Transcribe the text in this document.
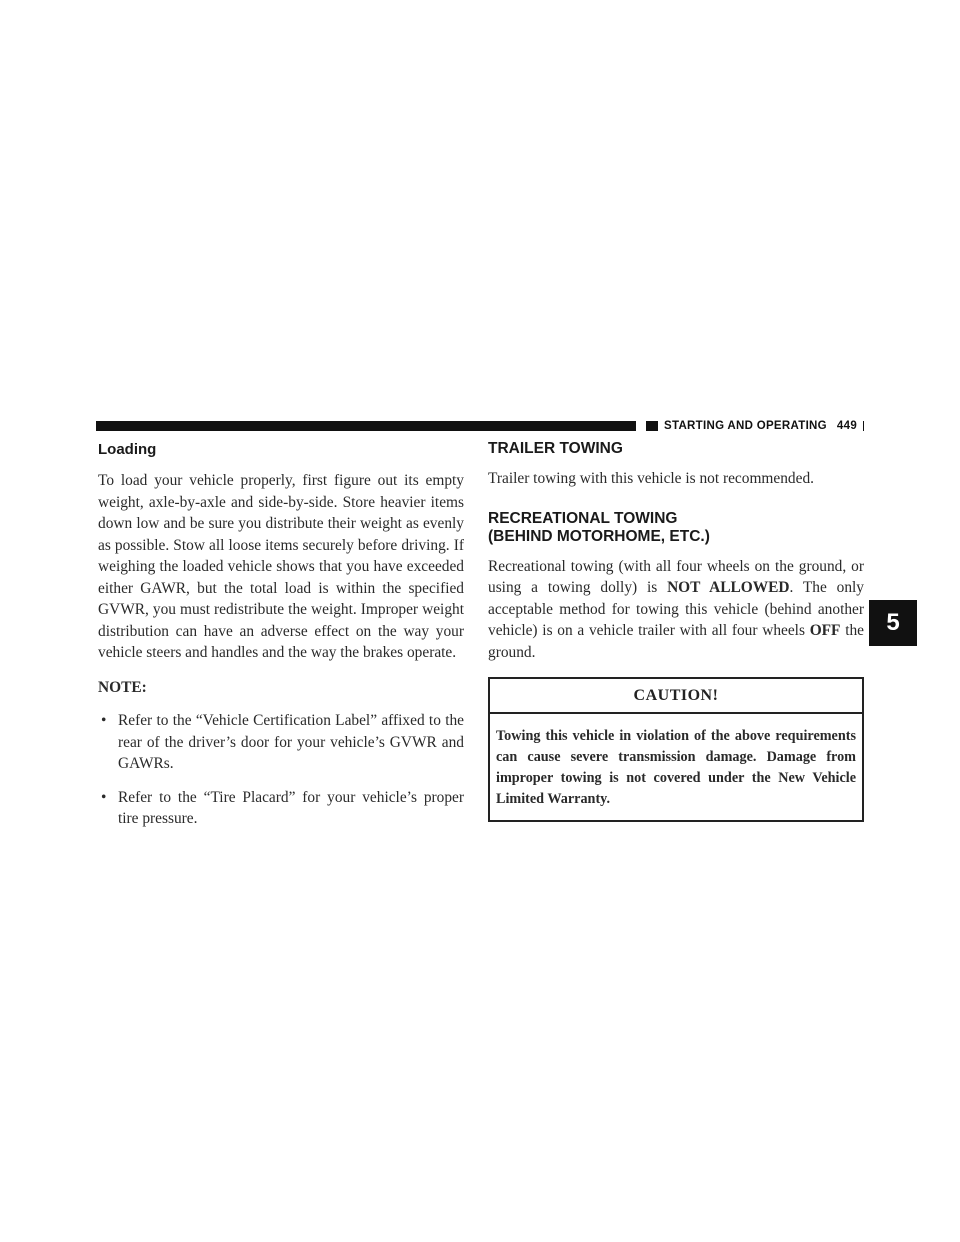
STARTING AND OPERATING 449
5
Loading

To load your vehicle properly, first figure out its empty weight, axle-by-axle and side-by-side. Store heavier items down low and be sure you distribute their weight as evenly as possible. Stow all loose items securely before driving. If weighing the loaded vehicle shows that you have exceeded either GAWR, but the total load is within the specified GVWR, you must redistribute the weight. Improper weight distribution can have an adverse effect on the way your vehicle steers and handles and the way the brakes operate.

NOTE:
• Refer to the “Vehicle Certification Label” affixed to the rear of the driver’s door for your vehicle’s GVWR and GAWRs.
• Refer to the “Tire Placard” for your vehicle’s proper tire pressure.
TRAILER TOWING

Trailer towing with this vehicle is not recommended.

RECREATIONAL TOWING
(BEHIND MOTORHOME, ETC.)

Recreational towing (with all four wheels on the ground, or using a towing dolly) is NOT ALLOWED. The only acceptable method for towing this vehicle (behind another vehicle) is on a vehicle trailer with all four wheels OFF the ground.

CAUTION!
Towing this vehicle in violation of the above requirements can cause severe transmission damage. Damage from improper towing is not covered under the New Vehicle Limited Warranty.
